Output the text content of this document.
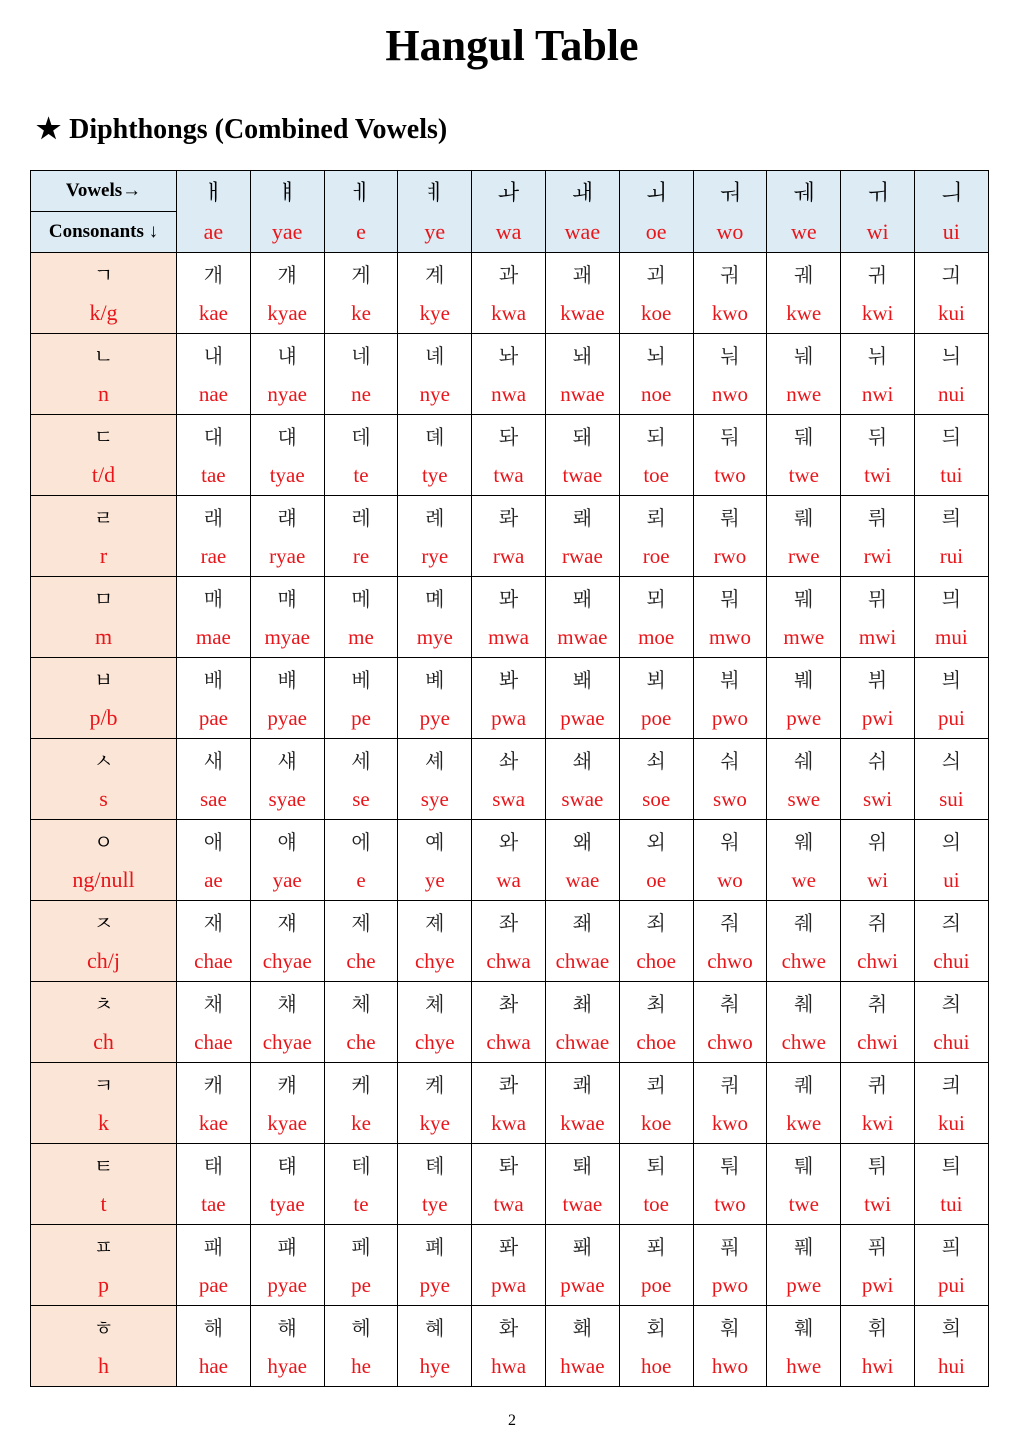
Hangul Table
★ Diphthongs (Combined Vowels)
Vowels→	ㅐ	ㅒ	ㅔ	ㅖ	ㅘ	ㅙ	ㅚ	ㅝ	ㅞ	ㅟ	ㅢ
Consonants ↓	ae	yae	e	ye	wa	wae	oe	wo	we	wi	ui
ㄱ	개	걔	게	계	과	괘	괴	궈	궤	귀	긔
k/g	kae	kyae	ke	kye	kwa	kwae	koe	kwo	kwe	kwi	kui
ㄴ	내	냬	네	녜	놔	놰	뇌	눠	눼	뉘	늬
n	nae	nyae	ne	nye	nwa	nwae	noe	nwo	nwe	nwi	nui
ㄷ	대	댸	데	뎨	돠	돼	되	둬	뒈	뒤	듸
t/d	tae	tyae	te	tye	twa	twae	toe	two	twe	twi	tui
ㄹ	래	럐	레	례	롸	뢔	뢰	뤄	뤠	뤼	릐
r	rae	ryae	re	rye	rwa	rwae	roe	rwo	rwe	rwi	rui
ㅁ	매	먜	메	몌	뫄	뫠	뫼	뭐	뭬	뮈	믜
m	mae	myae	me	mye	mwa	mwae	moe	mwo	mwe	mwi	mui
ㅂ	배	뱨	베	볘	봐	봬	뵈	붜	붸	뷔	븨
p/b	pae	pyae	pe	pye	pwa	pwae	poe	pwo	pwe	pwi	pui
ㅅ	새	섀	세	셰	솨	쇄	쇠	숴	쉐	쉬	싀
s	sae	syae	se	sye	swa	swae	soe	swo	swe	swi	sui
ㅇ	애	얘	에	예	와	왜	외	워	웨	위	의
ng/null	ae	yae	e	ye	wa	wae	oe	wo	we	wi	ui
ㅈ	재	쟤	제	졔	좌	좨	죄	줘	줴	쥐	즤
ch/j	chae	chyae	che	chye	chwa	chwae	choe	chwo	chwe	chwi	chui
ㅊ	채	챼	체	쳬	촤	쵀	최	춰	췌	취	츼
ch	chae	chyae	che	chye	chwa	chwae	choe	chwo	chwe	chwi	chui
ㅋ	캐	컈	케	켸	콰	쾌	쾨	쿼	퀘	퀴	킈
k	kae	kyae	ke	kye	kwa	kwae	koe	kwo	kwe	kwi	kui
ㅌ	태	턔	테	톄	톼	퇘	퇴	퉈	퉤	튀	틔
t	tae	tyae	te	tye	twa	twae	toe	two	twe	twi	tui
ㅍ	패	퍠	페	폐	퐈	퐤	푀	풔	풰	퓌	픠
p	pae	pyae	pe	pye	pwa	pwae	poe	pwo	pwe	pwi	pui
ㅎ	해	햬	헤	혜	화	홰	회	훠	훼	휘	희
h	hae	hyae	he	hye	hwa	hwae	hoe	hwo	hwe	hwi	hui
2
